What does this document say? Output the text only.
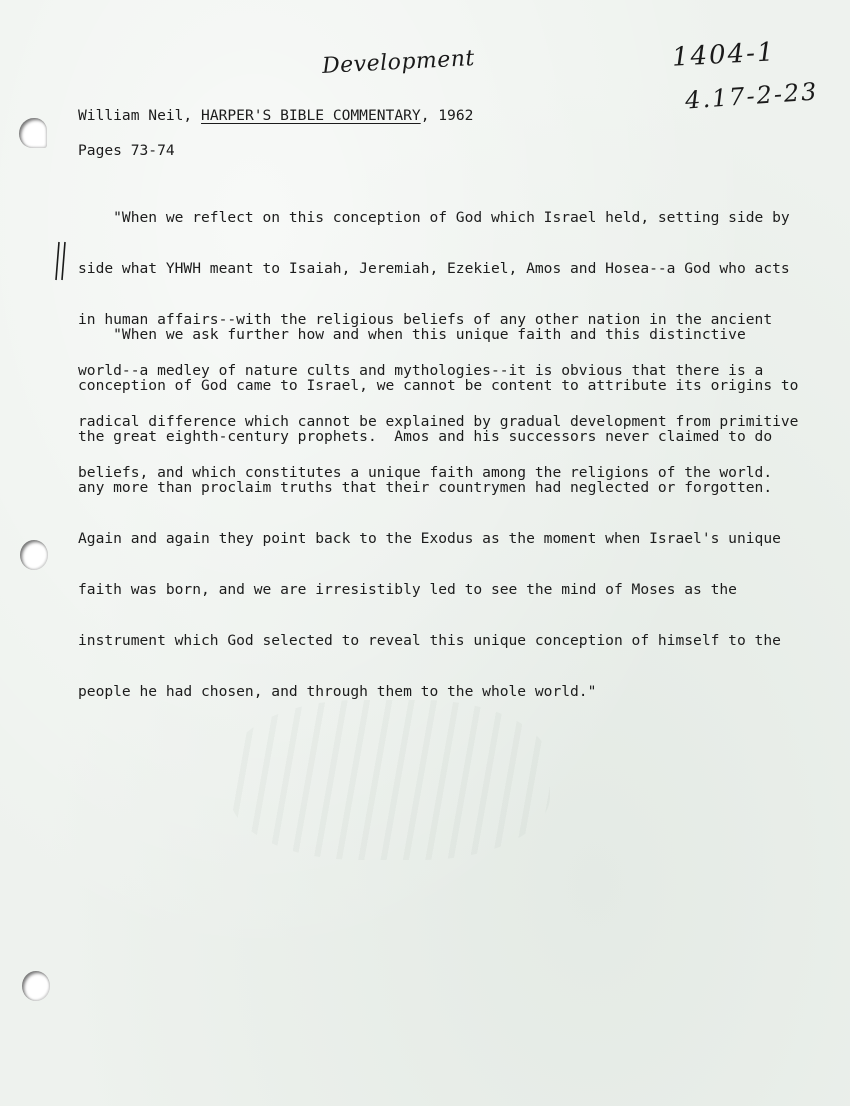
Development	1404-1
4.17-2-23
William Neil, HARPER'S BIBLE COMMENTARY, 1962
Pages 73-74

"When we reflect on this conception of God which Israel held, setting side by

side what YHWH meant to Isaiah, Jeremiah, Ezekiel, Amos and Hosea--a God who acts

in human affairs--with the religious beliefs of any other nation in the ancient

world--a medley of nature cults and mythologies--it is obvious that there is a

radical difference which cannot be explained by gradual development from primitive

beliefs, and which constitutes a unique faith among the religions of the world.

"When we ask further how and when this unique faith and this distinctive

conception of God came to Israel, we cannot be content to attribute its origins to

the great eighth-century prophets.  Amos and his successors never claimed to do

any more than proclaim truths that their countrymen had neglected or forgotten.

Again and again they point back to the Exodus as the moment when Israel's unique

faith was born, and we are irresistibly led to see the mind of Moses as the

instrument which God selected to reveal this unique conception of himself to the

people he had chosen, and through them to the whole world."
